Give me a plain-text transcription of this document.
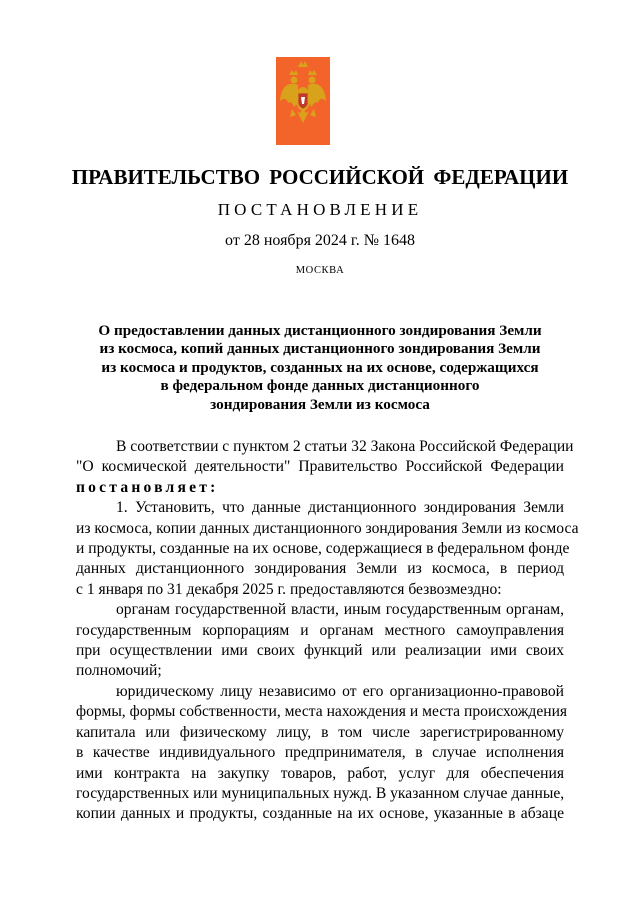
ПРАВИТЕЛЬСТВО РОССИЙСКОЙ ФЕДЕРАЦИИ

ПОСТАНОВЛЕНИЕ

от 28 ноября 2024 г. № 1648

МОСКВА

О предоставлении данных дистанционного зондирования Земли
из космоса, копий данных дистанционного зондирования Земли
из космоса и продуктов, созданных на их основе, содержащихся
в федеральном фонде данных дистанционного
зондирования Земли из космоса
В соответствии с пунктом 2 статьи 32 Закона Российской Федерации
"О космической деятельности" Правительство Российской Федерации
постановляет:
1. Установить, что данные дистанционного зондирования Земли
из космоса, копии данных дистанционного зондирования Земли из космоса
и продукты, созданные на их основе, содержащиеся в федеральном фонде
данных дистанционного зондирования Земли из космоса, в период
с 1 января по 31 декабря 2025 г. предоставляются безвозмездно:
органам государственной власти, иным государственным органам,
государственным корпорациям и органам местного самоуправления
при осуществлении ими своих функций или реализации ими своих
полномочий;
юридическому лицу независимо от его организационно-правовой
формы, формы собственности, места нахождения и места происхождения
капитала или физическому лицу, в том числе зарегистрированному
в качестве индивидуального предпринимателя, в случае исполнения
ими контракта на закупку товаров, работ, услуг для обеспечения
государственных или муниципальных нужд. В указанном случае данные,
копии данных и продукты, созданные на их основе, указанные в абзаце
